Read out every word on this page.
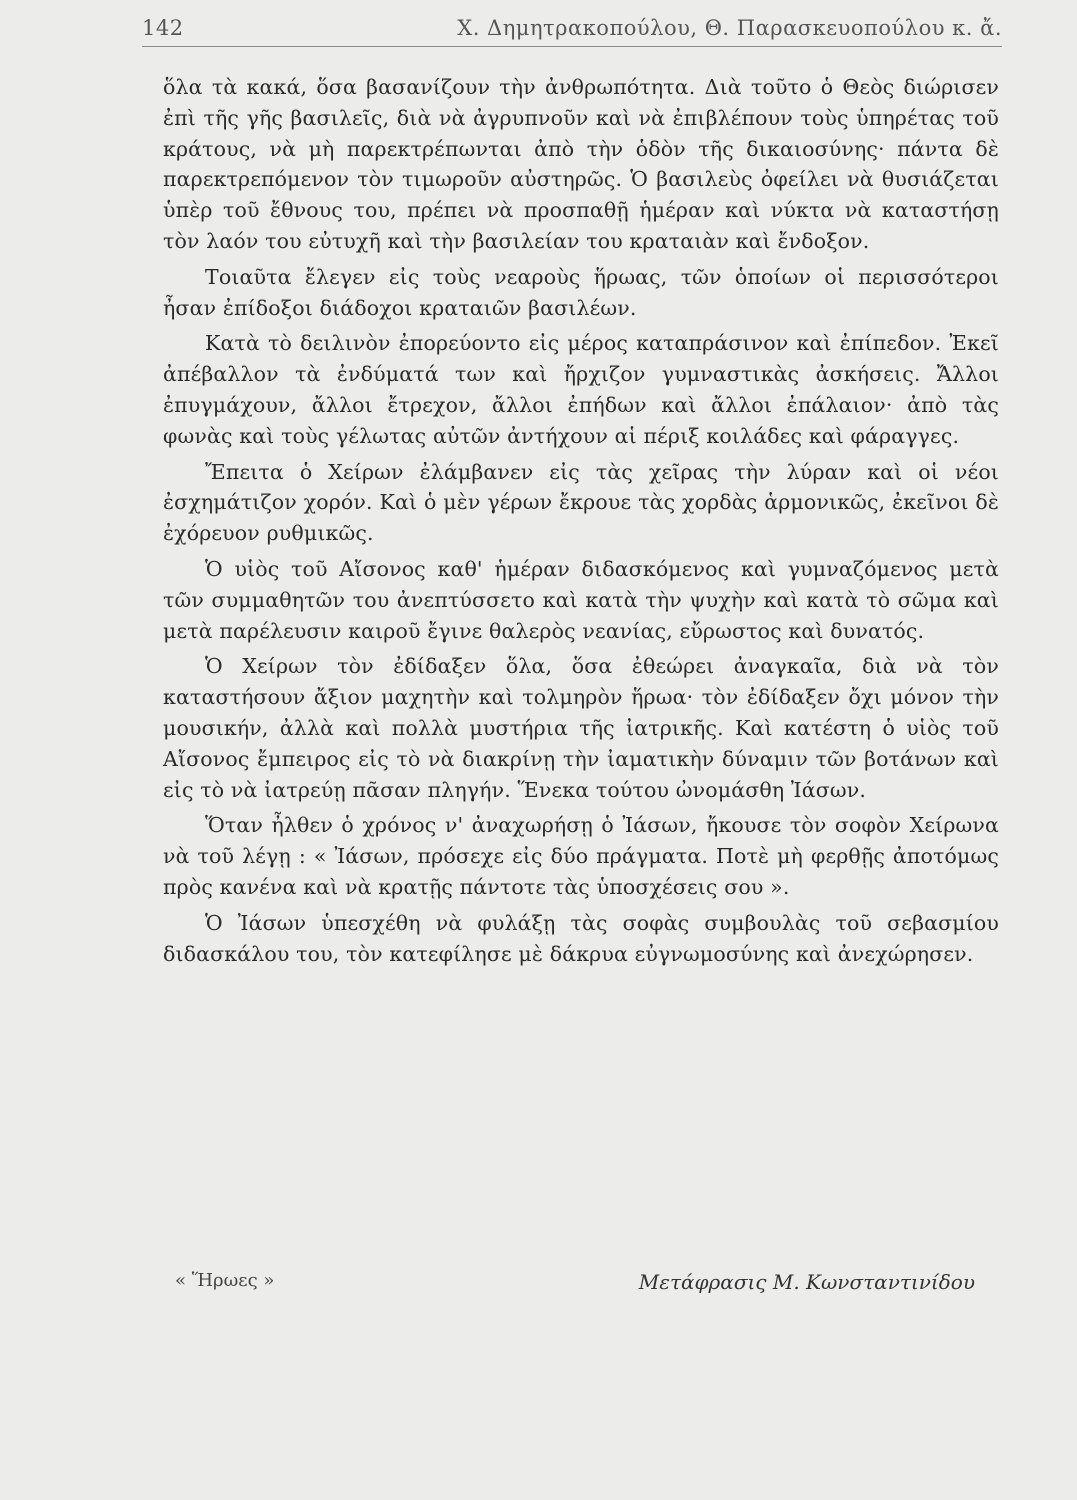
142	Χ. Δημητρακοπούλου, Θ. Παρασκευοπούλου κ. ἄ.

ὅλα τὰ κακά, ὅσα βασανίζουν τὴν ἀνθρωπότητα. Διὰ τοῦτο ὁ Θεὸς διώρισεν ἐπὶ τῆς γῆς βασιλεῖς, διὰ νὰ ἀγρυπνοῦν καὶ νὰ ἐπιβλέπουν τοὺς ὑπηρέτας τοῦ κράτους, νὰ μὴ παρεκτρέπωνται ἀπὸ τὴν ὁδὸν τῆς δικαιοσύνης· πάντα δὲ παρεκτρεπόμενον τὸν τιμωροῦν αὐστηρῶς. Ὁ βασιλεὺς ὀφείλει νὰ θυσιάζεται ὑπὲρ τοῦ ἔθνους του, πρέπει νὰ προσπαθῇ ἡμέραν καὶ νύκτα νὰ καταστήσῃ τὸν λαόν του εὐτυχῆ καὶ τὴν βασιλείαν του κραταιὰν καὶ ἔνδοξον.

Τοιαῦτα ἔλεγεν εἰς τοὺς νεαροὺς ἥρωας, τῶν ὁποίων οἱ περισσότεροι ἦσαν ἐπίδοξοι διάδοχοι κραταιῶν βασιλέων.

Κατὰ τὸ δειλινὸν ἐπορεύοντο εἰς μέρος καταπράσινον καὶ ἐπίπεδον. Ἐκεῖ ἀπέβαλλον τὰ ἐνδύματά των καὶ ἤρχιζον γυμναστικὰς ἀσκήσεις. Ἄλλοι ἐπυγμάχουν, ἄλλοι ἔτρεχον, ἄλλοι ἐπήδων καὶ ἄλλοι ἐπάλαιον· ἀπὸ τὰς φωνὰς καὶ τοὺς γέλωτας αὐτῶν ἀντήχουν αἱ πέριξ κοιλάδες καὶ φάραγγες.

Ἔπειτα ὁ Χείρων ἐλάμβανεν εἰς τὰς χεῖρας τὴν λύραν καὶ οἱ νέοι ἐσχημάτιζον χορόν. Καὶ ὁ μὲν γέρων ἔκρουε τὰς χορδὰς ἁρμονικῶς, ἐκεῖνοι δὲ ἐχόρευον ρυθμικῶς.

Ὁ υἱὸς τοῦ Αἴσονος καθ' ἡμέραν διδασκόμενος καὶ γυμναζόμενος μετὰ τῶν συμμαθητῶν του ἀνεπτύσσετο καὶ κατὰ τὴν ψυχὴν καὶ κατὰ τὸ σῶμα καὶ μετὰ παρέλευσιν καιροῦ ἔγινε θαλερὸς νεανίας, εὔρωστος καὶ δυνατός.

Ὁ Χείρων τὸν ἐδίδαξεν ὅλα, ὅσα ἐθεώρει ἀναγκαῖα, διὰ νὰ τὸν καταστήσουν ἄξιον μαχητὴν καὶ τολμηρὸν ἥρωα· τὸν ἐδίδαξεν ὄχι μόνον τὴν μουσικήν, ἀλλὰ καὶ πολλὰ μυστήρια τῆς ἰατρικῆς. Καὶ κατέστη ὁ υἱὸς τοῦ Αἴσονος ἔμπειρος εἰς τὸ νὰ διακρίνῃ τὴν ἰαματικὴν δύναμιν τῶν βοτάνων καὶ εἰς τὸ νὰ ἰατρεύῃ πᾶσαν πληγήν. Ἕνεκα τούτου ὠνομάσθη Ἰάσων.

Ὅταν ἦλθεν ὁ χρόνος ν' ἀναχωρήσῃ ὁ Ἰάσων, ἤκουσε τὸν σοφὸν Χείρωνα νὰ τοῦ λέγῃ : « Ἰάσων, πρόσεχε εἰς δύο πράγματα. Ποτὲ μὴ φερθῇς ἀποτόμως πρὸς κανένα καὶ νὰ κρατῇς πάντοτε τὰς ὑποσχέσεις σου ».

Ὁ Ἰάσων ὑπεσχέθη νὰ φυλάξῃ τὰς σοφὰς συμβουλὰς τοῦ σεβασμίου διδασκάλου του, τὸν κατεφίλησε μὲ δάκρυα εὐγνωμοσύνης καὶ ἀνεχώρησεν.

« Ἥρωες »	Μετάφρασις Μ. Κωνσταντινίδου
